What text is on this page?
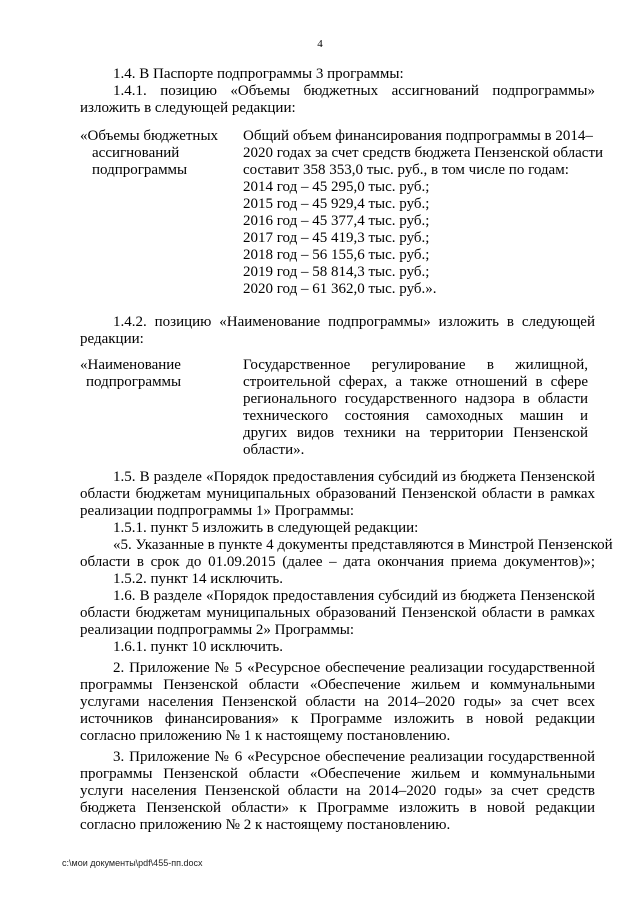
4
1.4. В Паспорте подпрограммы 3 программы:
1.4.1. позицию «Объемы бюджетных ассигнований подпрограммы»
изложить в следующей редакции:
«Объемы бюджетных
ассигнований
подпрограммы
Общий объем финансирования подпрограммы в 2014–
2020 годах за счет средств бюджета Пензенской области
составит 358 353,0 тыс. руб., в том числе по годам:
2014 год – 45 295,0 тыс. руб.;
2015 год – 45 929,4 тыс. руб.;
2016 год – 45 377,4 тыс. руб.;
2017 год – 45 419,3 тыс. руб.;
2018 год – 56 155,6 тыс. руб.;
2019 год – 58 814,3 тыс. руб.;
2020 год – 61 362,0 тыс. руб.».
1.4.2. позицию «Наименование подпрограммы» изложить в следующей
редакции:
«Наименование
подпрограммы
Государственное регулирование в жилищной,
строительной сферах, а также отношений в сфере
регионального государственного надзора в области
технического состояния самоходных машин и
других видов техники на территории Пензенской
области».
1.5. В разделе «Порядок предоставления субсидий из бюджета Пензенской
области бюджетам муниципальных образований Пензенской области в рамках
реализации подпрограммы 1» Программы:
1.5.1. пункт 5 изложить в следующей редакции:
«5. Указанные в пункте 4 документы представляются в Минстрой Пензенской
области в срок до 01.09.2015 (далее – дата окончания приема документов)»;
1.5.2. пункт 14 исключить.
1.6. В разделе «Порядок предоставления субсидий из бюджета Пензенской
области бюджетам муниципальных образований Пензенской области в рамках
реализации подпрограммы 2» Программы:
1.6.1. пункт 10 исключить.
2. Приложение № 5 «Ресурсное обеспечение реализации государственной
программы Пензенской области «Обеспечение жильем и коммунальными
услугами населения Пензенской области на 2014–2020 годы» за счет всех
источников финансирования» к Программе изложить в новой редакции
согласно приложению № 1 к настоящему постановлению.
3. Приложение № 6 «Ресурсное обеспечение реализации государственной
программы Пензенской области «Обеспечение жильем и коммунальными
услуги населения Пензенской области на 2014–2020 годы» за счет средств
бюджета Пензенской области» к Программе изложить в новой редакции
согласно приложению № 2 к настоящему постановлению.
c:\мои документы\pdf\455-пп.docx
